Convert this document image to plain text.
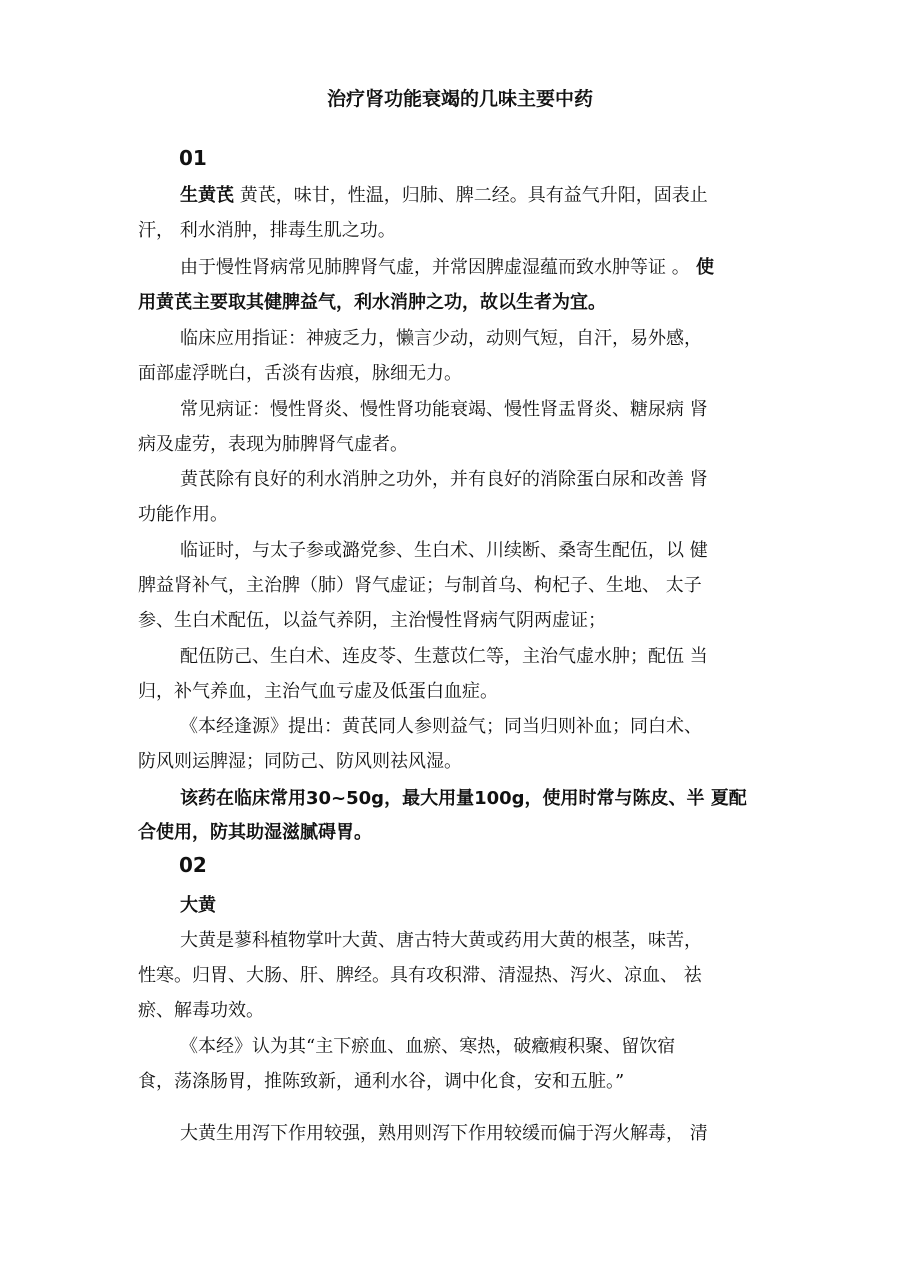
治疗肾功能衰竭的几味主要中药
01
生黄芪 黄芪，味甘，性温，归肺、脾二经。具有益气升阳，固表止
汗， 利水消肿，排毒生肌之功。
由于慢性肾病常见肺脾肾气虚，并常因脾虚湿蕴而致水肿等证 。 使
用黄芪主要取其健脾益气，利水消肿之功，故以生者为宜。
临床应用指证：神疲乏力，懒言少动，动则气短，自汗，易外感，
面部虚浮晄白，舌淡有齿痕，脉细无力。
常见病证：慢性肾炎、慢性肾功能衰竭、慢性肾盂肾炎、糖尿病 肾
病及虚劳，表现为肺脾肾气虚者。
黄芪除有良好的利水消肿之功外，并有良好的消除蛋白尿和改善 肾
功能作用。
临证时，与太子参或潞党参、生白术、川续断、桑寄生配伍，以 健
脾益肾补气，主治脾（肺）肾气虚证；与制首乌、枸杞子、生地、 太子
参、生白术配伍，以益气养阴，主治慢性肾病气阴两虚证；
配伍防己、生白术、连皮苓、生薏苡仁等，主治气虚水肿；配伍 当
归，补气养血，主治气血亏虚及低蛋白血症。
《本经逢源》提出：黄芪同人参则益气；同当归则补血；同白术、
防风则运脾湿；同防己、防风则祛风湿。
该药在临床常用30~50g，最大用量100g，使用时常与陈皮、半 夏配
合使用，防其助湿滋腻碍胃。
02
大黄
大黄是蓼科植物掌叶大黄、唐古特大黄或药用大黄的根茎，味苦，
性寒。归胃、大肠、肝、脾经。具有攻积滞、清湿热、泻火、凉血、 祛
瘀、解毒功效。
《本经》认为其“主下瘀血、血瘀、寒热，破癥瘕积聚、留饮宿
食，荡涤肠胃，推陈致新，通利水谷，调中化食，安和五脏。”
大黄生用泻下作用较强，熟用则泻下作用较缓而偏于泻火解毒， 清
